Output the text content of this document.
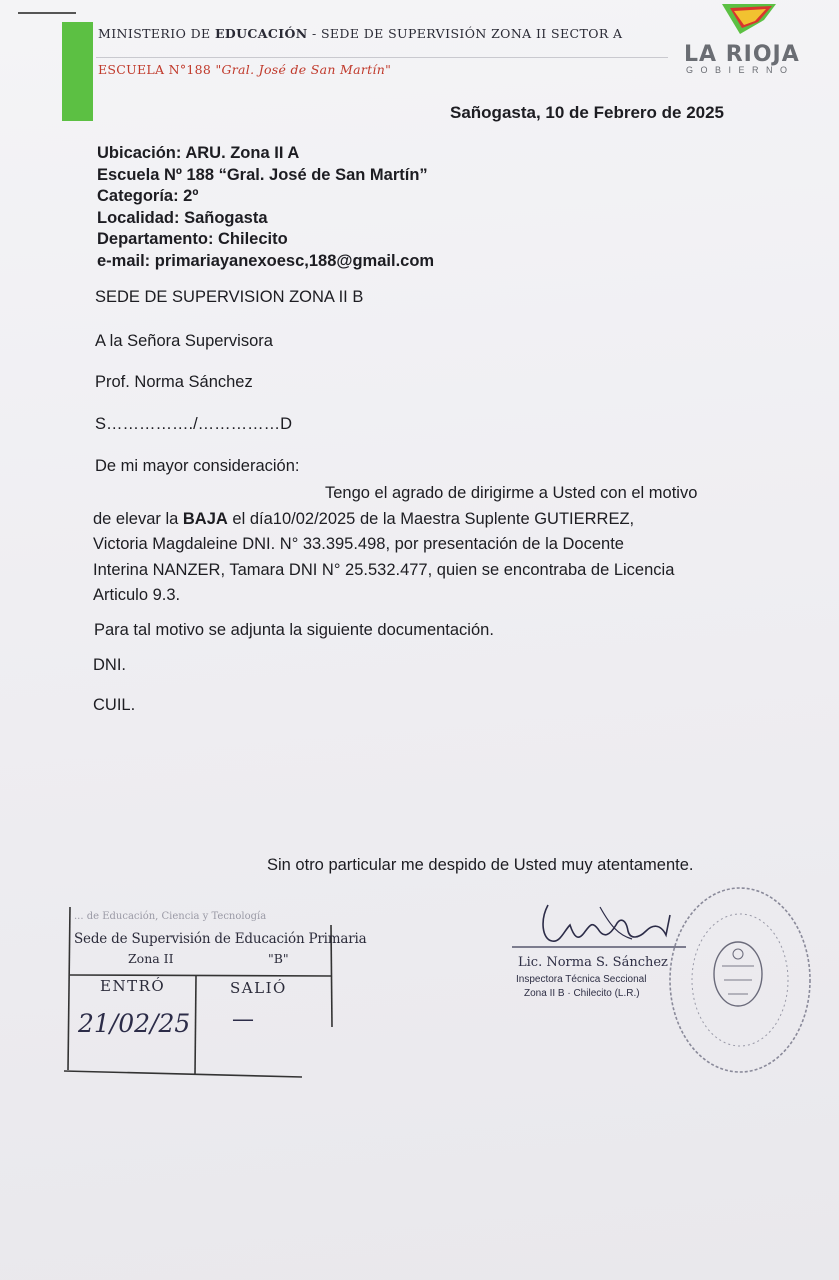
MINISTERIO DE EDUCACIÓN - SEDE DE SUPERVISIÓN ZONA II SECTOR A
ESCUELA N°188 "Gral. José de San Martín"
LA RIOJA
GOBIERNO
Sañogasta, 10 de Febrero de 2025
Ubicación: ARU. Zona II A
Escuela Nº 188 “Gral. José de San Martín”
Categoría: 2º
Localidad: Sañogasta
Departamento: Chilecito
e-mail: primariayanexoesc,188@gmail.com
SEDE DE SUPERVISION ZONA II B
A la Señora Supervisora
Prof. Norma Sánchez
S……………./……………D
De mi mayor consideración:
Tengo el agrado de dirigirme a Usted con el motivo
de elevar la BAJA el día10/02/2025 de la Maestra Suplente GUTIERREZ,
Victoria Magdaleine DNI. N° 33.395.498, por presentación de la Docente
Interina NANZER, Tamara DNI N° 25.532.477, quien se encontraba de Licencia
Articulo 9.3.
Para tal motivo se adjunta la siguiente documentación.
DNI.
CUIL.
Sin otro particular me despido de Usted muy atentamente.
... de Educación, Ciencia y Tecnología
Sede de Supervisión de Educación Primaria
Zona II	"B"
ENTRÓ	SALIÓ
21/02/25 —
Lic. Norma S. Sánchez
Inspectora Técnica Seccional
Zona II B · Chilecito (L.R.)
